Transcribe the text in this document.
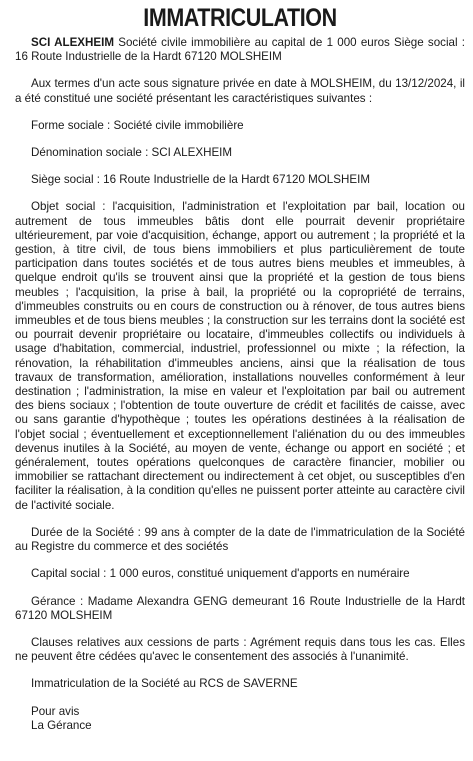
IMMATRICULATION
SCI ALEXHEIM Société civile immobilière au capital de 1 000 euros Siège social : 16 Route Industrielle de la Hardt 67120 MOLSHEIM
Aux termes d'un acte sous signature privée en date à MOLSHEIM, du 13/12/2024, il a été constitué une société présentant les caractéristiques suivantes :
Forme sociale : Société civile immobilière
Dénomination sociale : SCI ALEXHEIM
Siège social : 16 Route Industrielle de la Hardt 67120 MOLSHEIM
Objet social : l'acquisition, l'administration et l'exploitation par bail, location ou autrement de tous immeubles bâtis dont elle pourrait devenir propriétaire ultérieurement, par voie d'acquisition, échange, apport ou autrement ; la propriété et la gestion, à titre civil, de tous biens immobiliers et plus particulièrement de toute participation dans toutes sociétés et de tous autres biens meubles et immeubles, à quelque endroit qu'ils se trouvent ainsi que la propriété et la gestion de tous biens meubles ; l'acquisition, la prise à bail, la propriété ou la copropriété de terrains, d'immeubles construits ou en cours de construction ou à rénover, de tous autres biens immeubles et de tous biens meubles ; la construction sur les terrains dont la société est ou pourrait devenir propriétaire ou locataire, d'immeubles collectifs ou individuels à usage d'habitation, commercial, industriel, professionnel ou mixte ; la réfection, la rénovation, la réhabilitation d'immeubles anciens, ainsi que la réalisation de tous travaux de transformation, amélioration, installations nouvelles conformément à leur destination ; l'administration, la mise en valeur et l'exploitation par bail ou autrement des biens sociaux ; l'obtention de toute ouverture de crédit et facilités de caisse, avec ou sans garantie d'hypothèque ; toutes les opérations destinées à la réalisation de l'objet social ; éventuellement et exceptionnellement l'aliénation du ou des immeubles devenus inutiles à la Société, au moyen de vente, échange ou apport en société ; et généralement, toutes opérations quelconques de caractère financier, mobilier ou immobilier se rattachant directement ou indirectement à cet objet, ou susceptibles d'en faciliter la réalisation, à la condition qu'elles ne puissent porter atteinte au caractère civil de l'activité sociale.
Durée de la Société : 99 ans à compter de la date de l'immatriculation de la Société au Registre du commerce et des sociétés
Capital social : 1 000 euros, constitué uniquement d'apports en numéraire
Gérance : Madame Alexandra GENG demeurant 16 Route Industrielle de la Hardt 67120 MOLSHEIM
Clauses relatives aux cessions de parts : Agrément requis dans tous les cas. Elles ne peuvent être cédées qu'avec le consentement des associés à l'unanimité.
Immatriculation de la Société au RCS de SAVERNE
Pour avis
La Gérance
